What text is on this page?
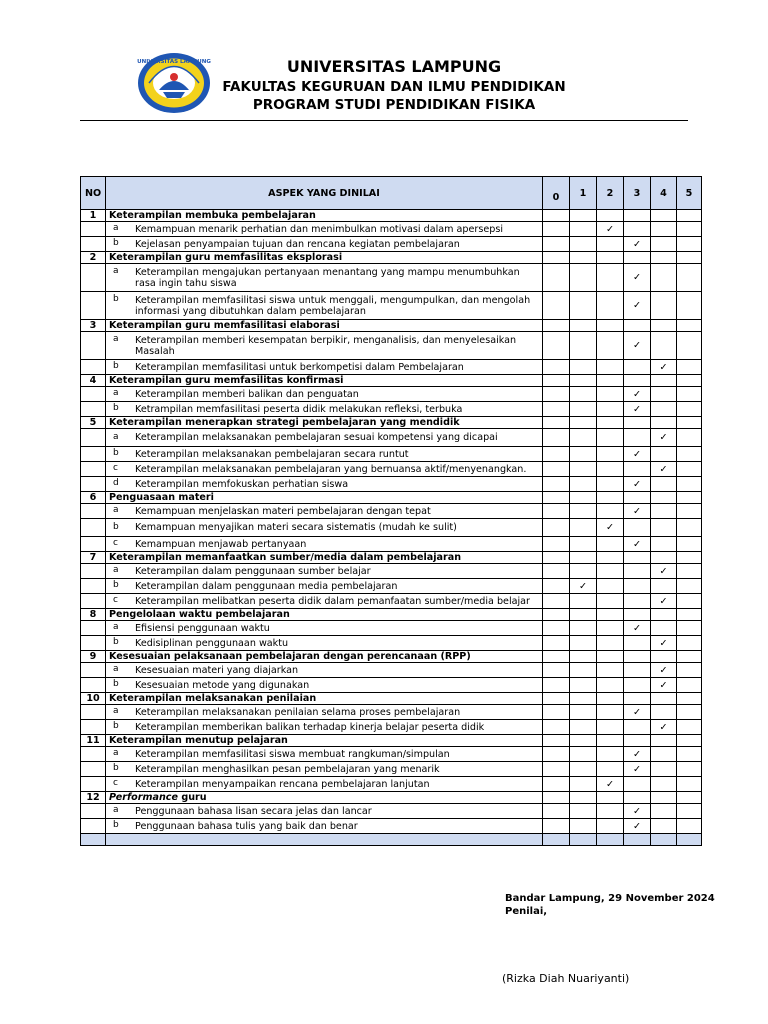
UNIVERSITAS LAMPUNG	UNIVERSITAS LAMPUNG
FAKULTAS KEGURUAN DAN ILMU PENDIDIKAN
PROGRAM STUDI PENDIDIKAN FISIKA
NO	ASPEK YANG DINILAI	0	1	2	3	4	5
1	Keterampilan membuka pembelajaran						

	a Kemampuan menarik perhatian dan menimbulkan motivasi dalam apersepsi			✓			

	b Kejelasan penyampaian tujuan dan rencana kegiatan pembelajaran				✓		
2	Keterampilan guru memfasilitas eksplorasi						

	a Keterampilan mengajukan pertanyaan menantang yang mampu menumbuhkan rasa ingin tahu siswa				✓		

	b Keterampilan memfasilitasi siswa untuk menggali, mengumpulkan, dan mengolah informasi yang dibutuhkan dalam pembelajaran				✓		
3	Keterampilan guru memfasilitasi elaborasi						

	a Keterampilan memberi kesempatan berpikir, menganalisis, dan menyelesaikan Masalah				✓		

	b Keterampilan memfasilitasi untuk berkompetisi dalam Pembelajaran					✓	
4	Keterampilan guru memfasilitas konfirmasi						

	a Keterampilan memberi balikan dan penguatan				✓		

	b Ketrampilan memfasilitasi peserta didik melakukan refleksi, terbuka				✓		
5	Keterampilan menerapkan strategi pembelajaran yang mendidik						

	a Keterampilan melaksanakan pembelajaran sesuai kompetensi yang dicapai					✓	

	b Keterampilan melaksanakan pembelajaran secara runtut				✓		

	c Keterampilan melaksanakan pembelajaran yang bernuansa aktif/menyenangkan.					✓	

	d Keterampilan memfokuskan perhatian siswa				✓		
6	Penguasaan materi						

	a Kemampuan menjelaskan materi pembelajaran dengan tepat				✓		

	b Kemampuan menyajikan materi secara sistematis (mudah ke sulit)			✓			

	c Kemampuan menjawab pertanyaan				✓		
7	Keterampilan memanfaatkan sumber/media dalam pembelajaran						

	a Keterampilan dalam penggunaan sumber belajar					✓	

	b Keterampilan dalam penggunaan media pembelajaran		✓				

	c Keterampilan melibatkan peserta didik dalam pemanfaatan sumber/media belajar					✓	
8	Pengelolaan waktu pembelajaran						

	a Efisiensi penggunaan waktu				✓		

	b Kedisiplinan penggunaan waktu					✓	
9	Kesesuaian pelaksanaan pembelajaran dengan perencanaan (RPP)						

	a Kesesuaian materi yang diajarkan					✓	

	b Kesesuaian metode yang digunakan					✓	
10	Keterampilan melaksanakan penilaian						

	a Keterampilan melaksanakan penilaian selama proses pembelajaran				✓		

	b Keterampilan memberikan balikan terhadap kinerja belajar peserta didik					✓	
11	Keterampilan menutup pelajaran						

	a Keterampilan memfasilitasi siswa membuat rangkuman/simpulan				✓		

	b Keterampilan menghasilkan pesan pembelajaran yang menarik				✓		

	c Keterampilan menyampaikan rencana pembelajaran lanjutan			✓			
12	Performance guru						

	a Penggunaan bahasa lisan secara jelas dan lancar				✓		

	b Penggunaan bahasa tulis yang baik dan benar				✓		

Bandar Lampung, 29 November 2024
Penilai,
(Rizka Diah Nuariyanti)
